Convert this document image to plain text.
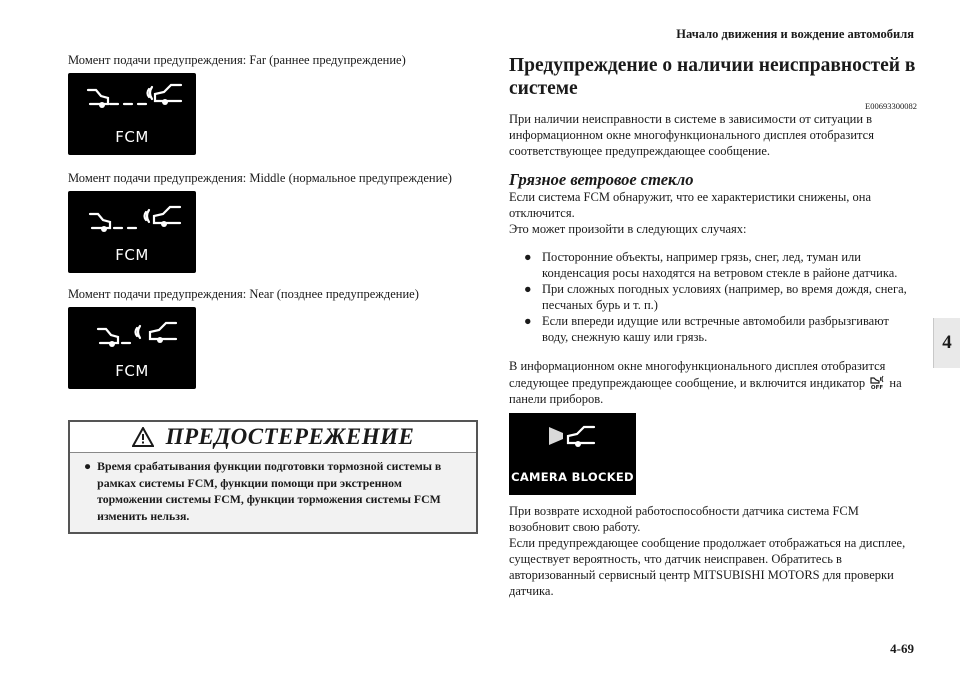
Начало движения и вождение автомобиля
4
4-69

Момент подачи предупреждения: Far (раннее предупреждение)

FCM

Момент подачи предупреждения: Middle (нормальное предупреждение)

FCM

Момент подачи предупреждения: Near (позднее предупреждение)

FCM
ПРЕДОСТЕРЕЖЕНИЕ
● Время срабатывания функции подготовки тормозной системы в рамках системы FCM, функции помощи при экстренном торможении системы FCM, функции торможения системы FCM изменить нельзя.
Предупреждение о наличии неисправностей в системе
E00693300082

При наличии неисправности в системе в зависимости от ситуации в информационном окне многофункционального дисплея отобразится соответствующее предупреждающее сообщение.

Грязное ветровое стекло

Если система FCM обнаружит, что ее характеристики снижены, она отключится.

Это может произойти в следующих случаях:

● Посторонние объекты, например грязь, снег, лед, туман или конденсация росы находятся на ветровом стекле в районе датчика.
● При сложных погодных условиях (например, во время дождя, снега, песчаных бурь и т. п.)
● Если впереди идущие или встречные автомобили разбрызгивают воду, снежную кашу или грязь.

В информационном окне многофункционального дисплея отобразится следующее предупреждающее сообщение, и включится индикатор OFF на панели приборов.

CAMERA BLOCKED

При возврате исходной работоспособности датчика система FCM возобновит свою работу.

Если предупреждающее сообщение продолжает отображаться на дисплее, существует вероятность, что датчик неисправен. Обратитесь в авторизованный сервисный центр MITSUBISHI MOTORS для проверки датчика.
